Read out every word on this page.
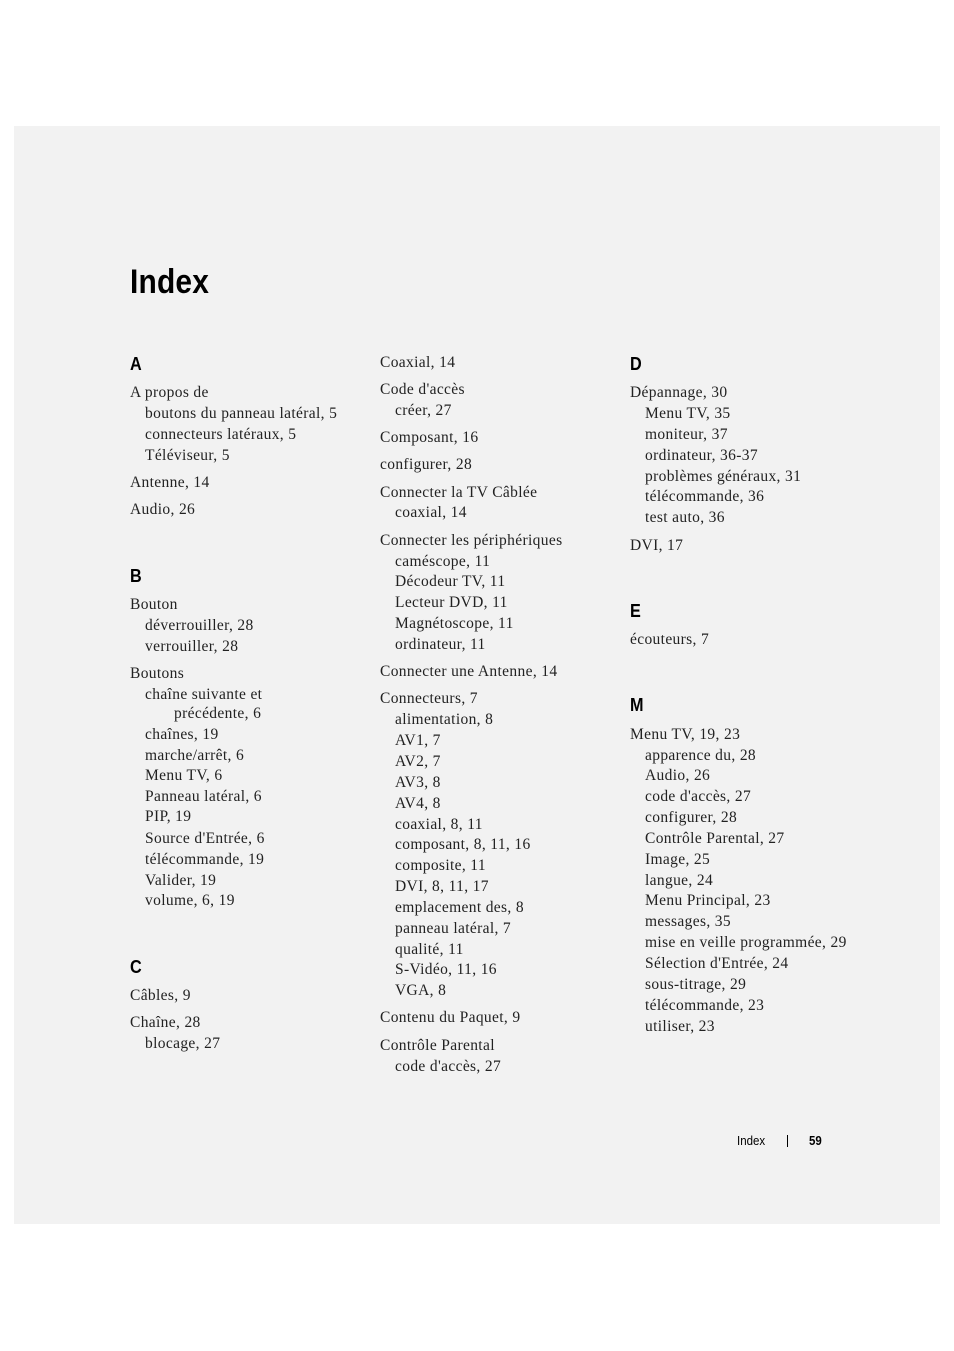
Index
A
A propos de
boutons du panneau latéral, 5
connecteurs latéraux, 5
Téléviseur, 5
Antenne, 14
Audio, 26
B
Bouton
déverrouiller, 28
verrouiller, 28
Boutons
chaîne suivante et
précédente, 6
chaînes, 19
marche/arrêt, 6
Menu TV, 6
Panneau latéral, 6
PIP, 19
Source d'Entrée, 6
télécommande, 19
Valider, 19
volume, 6, 19
C
Câbles, 9
Chaîne, 28
blocage, 27
Coaxial, 14
Code d'accès
créer, 27
Composant, 16
configurer, 28
Connecter la TV Câblée
coaxial, 14
Connecter les périphériques
caméscope, 11
Décodeur TV, 11
Lecteur DVD, 11
Magnétoscope, 11
ordinateur, 11
Connecter une Antenne, 14
Connecteurs, 7
alimentation, 8
AV1, 7
AV2, 7
AV3, 8
AV4, 8
coaxial, 8, 11
composant, 8, 11, 16
composite, 11
DVI, 8, 11, 17
emplacement des, 8
panneau latéral, 7
qualité, 11
S-Vidéo, 11, 16
VGA, 8
Contenu du Paquet, 9
Contrôle Parental
code d'accès, 27
D
Dépannage, 30
Menu TV, 35
moniteur, 37
ordinateur, 36-37
problèmes généraux, 31
télécommande, 36
test auto, 36
DVI, 17
E
écouteurs, 7
M
Menu TV, 19, 23
apparence du, 28
Audio, 26
code d'accès, 27
configurer, 28
Contrôle Parental, 27
Image, 25
langue, 24
Menu Principal, 23
messages, 35
mise en veille programmée, 29
Sélection d'Entrée, 24
sous-titrage, 29
télécommande, 23
utiliser, 23
Index	59
